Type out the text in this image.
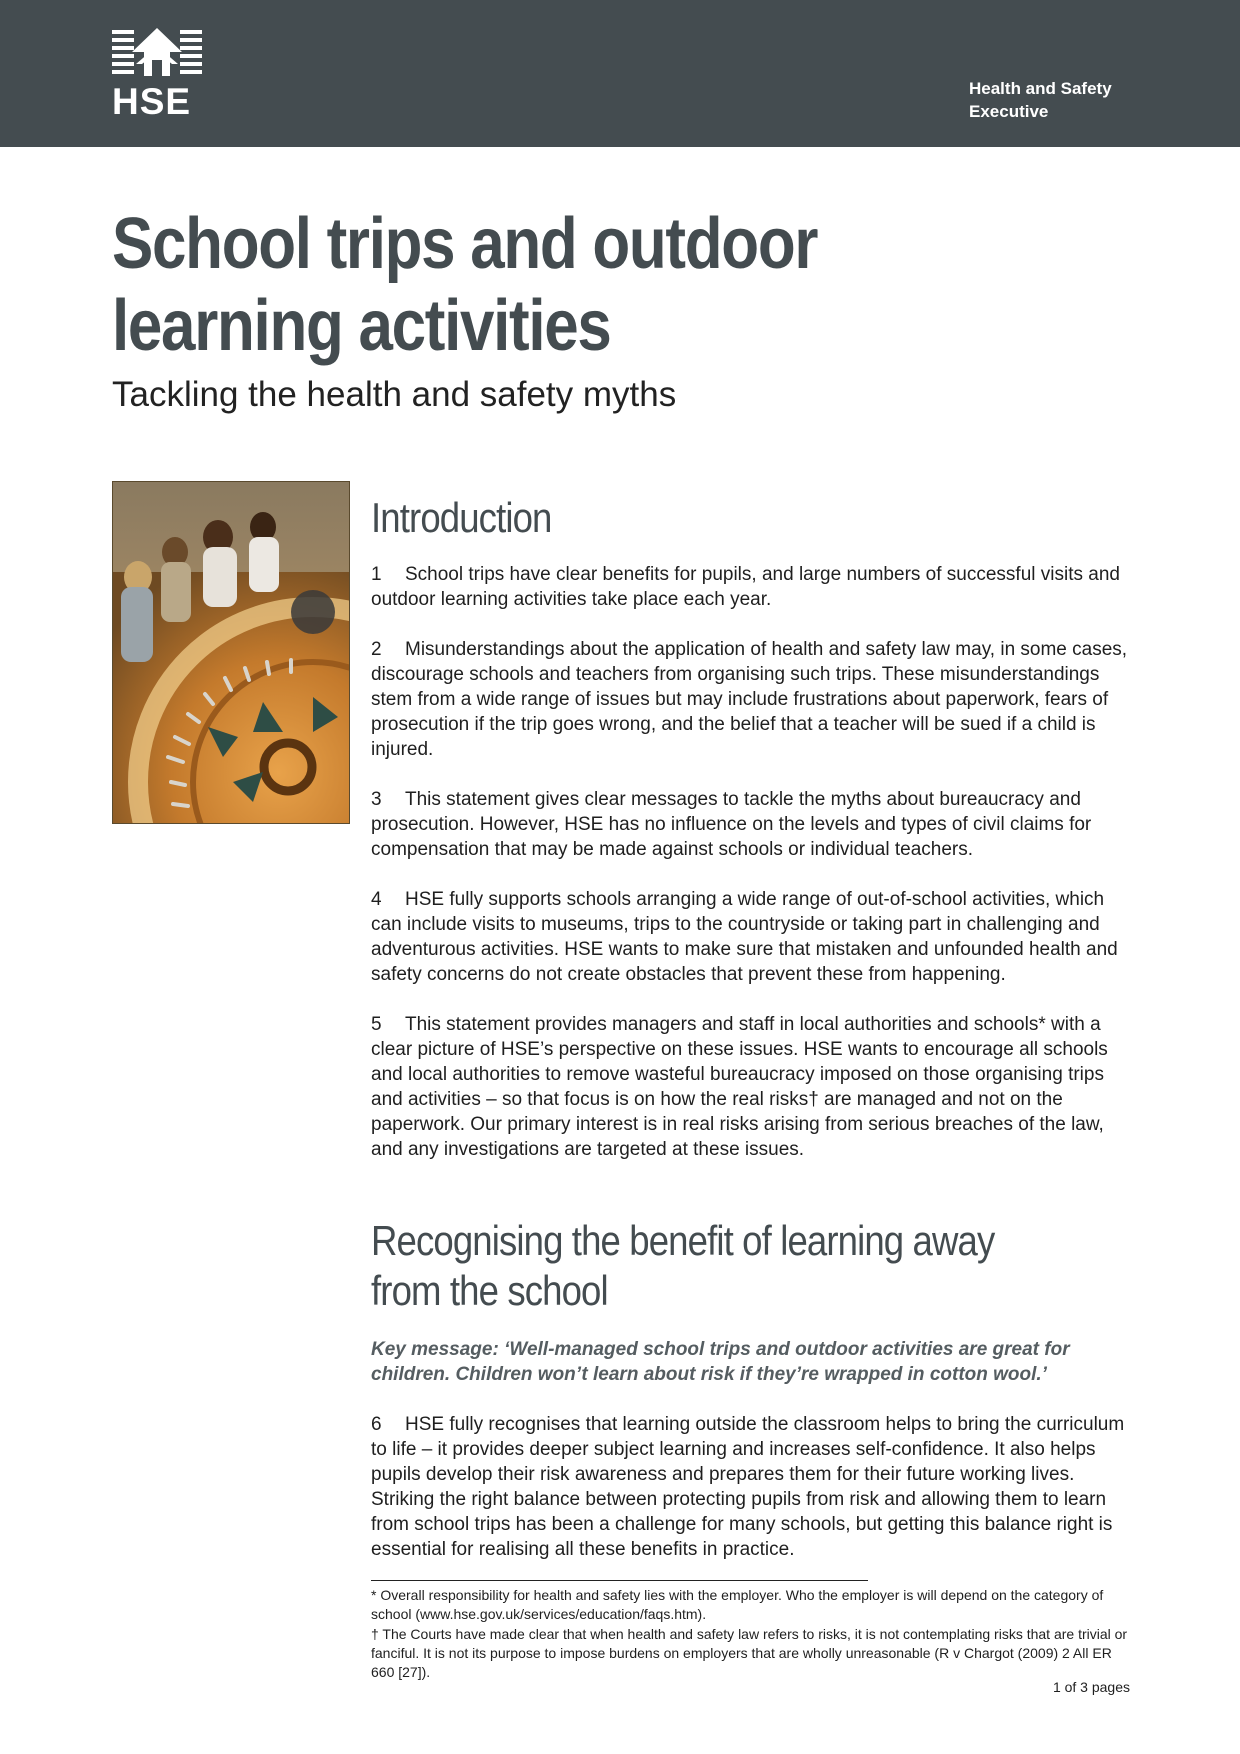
HSE	Health and Safety
Executive
School trips and outdoor
learning activities
Tackling the health and safety myths
Introduction

1 School trips have clear benefits for pupils, and large numbers of successful visits and outdoor learning activities take place each year.

2 Misunderstandings about the application of health and safety law may, in some cases, discourage schools and teachers from organising such trips. These misunderstandings stem from a wide range of issues but may include frustrations about paperwork, fears of prosecution if the trip goes wrong, and the belief that a teacher will be sued if a child is injured.

3 This statement gives clear messages to tackle the myths about bureaucracy and prosecution. However, HSE has no influence on the levels and types of civil claims for compensation that may be made against schools or individual teachers.

4 HSE fully supports schools arranging a wide range of out-of-school activities, which can include visits to museums, trips to the countryside or taking part in challenging and adventurous activities. HSE wants to make sure that mistaken and unfounded health and safety concerns do not create obstacles that prevent these from happening.

5 This statement provides managers and staff in local authorities and schools* with a clear picture of HSE’s perspective on these issues. HSE wants to encourage all schools and local authorities to remove wasteful bureaucracy imposed on those organising trips and activities – so that focus is on how the real risks† are managed and not on the paperwork. Our primary interest is in real risks arising from serious breaches of the law, and any investigations are targeted at these issues.

Recognising the benefit of learning away
from the school

Key message: ‘Well-managed school trips and outdoor activities are great for children. Children won’t learn about risk if they’re wrapped in cotton wool.’

6 HSE fully recognises that learning outside the classroom helps to bring the curriculum to life – it provides deeper subject learning and increases self-confidence. It also helps pupils develop their risk awareness and prepares them for their future working lives. Striking the right balance between protecting pupils from risk and allowing them to learn from school trips has been a challenge for many schools, but getting this balance right is essential for realising all these benefits in practice.

* Overall responsibility for health and safety lies with the employer. Who the employer is will depend on the category of school (www.hse.gov.uk/services/education/faqs.htm).

† The Courts have made clear that when health and safety law refers to risks, it is not contemplating risks that are trivial or fanciful. It is not its purpose to impose burdens on employers that are wholly unreasonable (R v Chargot (2009) 2 All ER 660 [27]).

1 of 3 pages
